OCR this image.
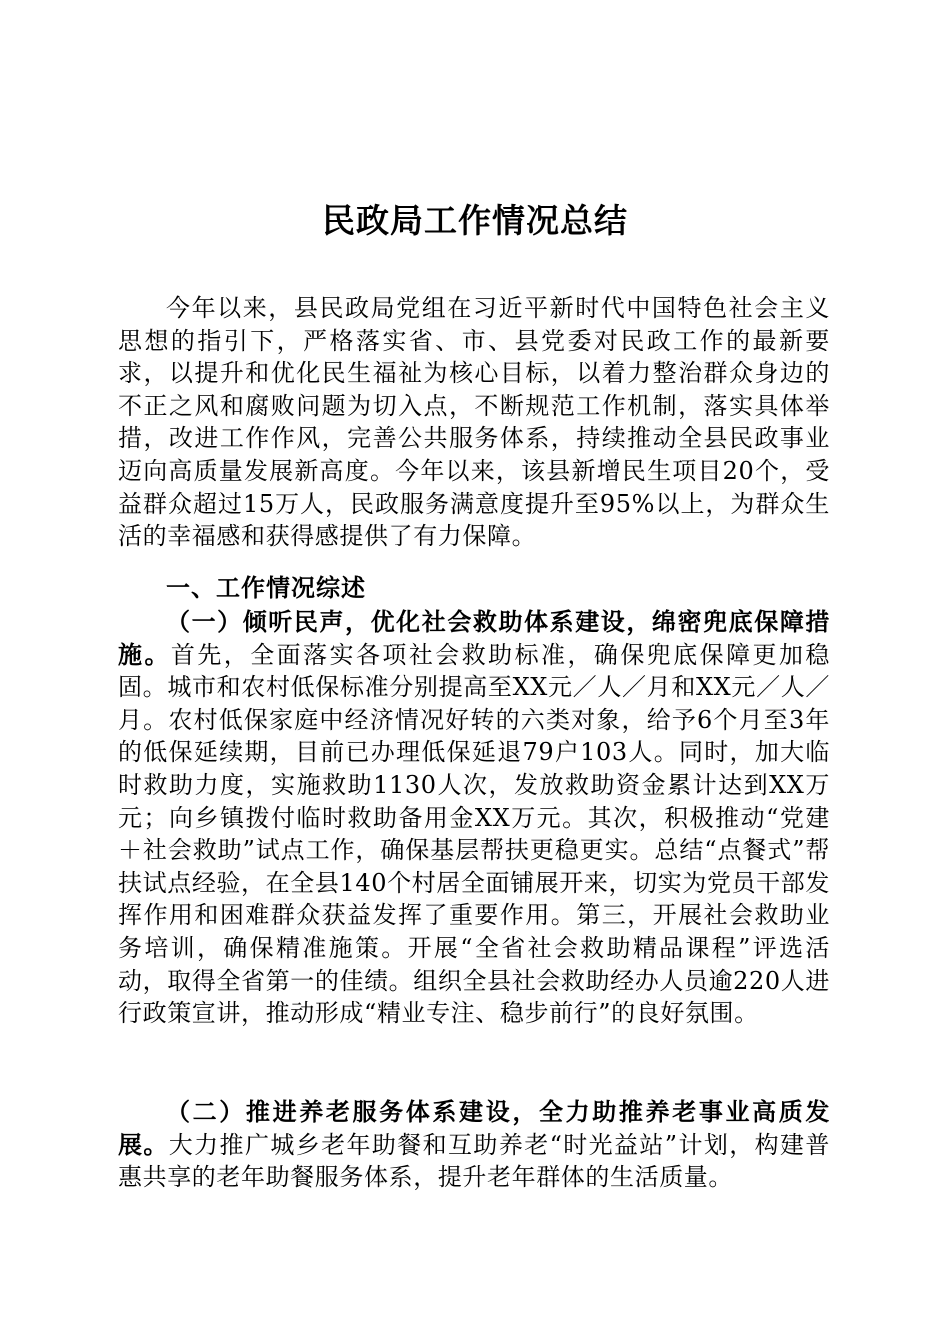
民政局工作情况总结

今年以来，县民政局党组在习近平新时代中国特色社会主义思想的指引下，严格落实省、市、县党委对民政工作的最新要求，以提升和优化民生福祉为核心目标，以着力整治群众身边的不正之风和腐败问题为切入点，不断规范工作机制，落实具体举措，改进工作作风，完善公共服务体系，持续推动全县民政事业迈向高质量发展新高度。今年以来，该县新增民生项目20个，受益群众超过15万人，民政服务满意度提升至95%以上，为群众生活的幸福感和获得感提供了有力保障。

一、工作情况综述

（一）倾听民声，优化社会救助体系建设，绵密兜底保障措施。首先，全面落实各项社会救助标准，确保兜底保障更加稳固。城市和农村低保标准分别提高至XX元／人／月和XX元／人／月。农村低保家庭中经济情况好转的六类对象，给予6个月至3年的低保延续期，目前已办理低保延退79户103人。同时，加大临时救助力度，实施救助1130人次，发放救助资金累计达到XX万元；向乡镇拨付临时救助备用金XX万元。其次，积极推动“党建＋社会救助”试点工作，确保基层帮扶更稳更实。总结“点餐式”帮扶试点经验，在全县140个村居全面铺展开来，切实为党员干部发挥作用和困难群众获益发挥了重要作用。第三，开展社会救助业务培训，确保精准施策。开展“全省社会救助精品课程”评选活动，取得全省第一的佳绩。组织全县社会救助经办人员逾220人进行政策宣讲，推动形成“精业专注、稳步前行”的良好氛围。

（二）推进养老服务体系建设，全力助推养老事业高质发展。大力推广城乡老年助餐和互助养老“时光益站”计划，构建普惠共享的老年助餐服务体系，提升老年群体的生活质量。
